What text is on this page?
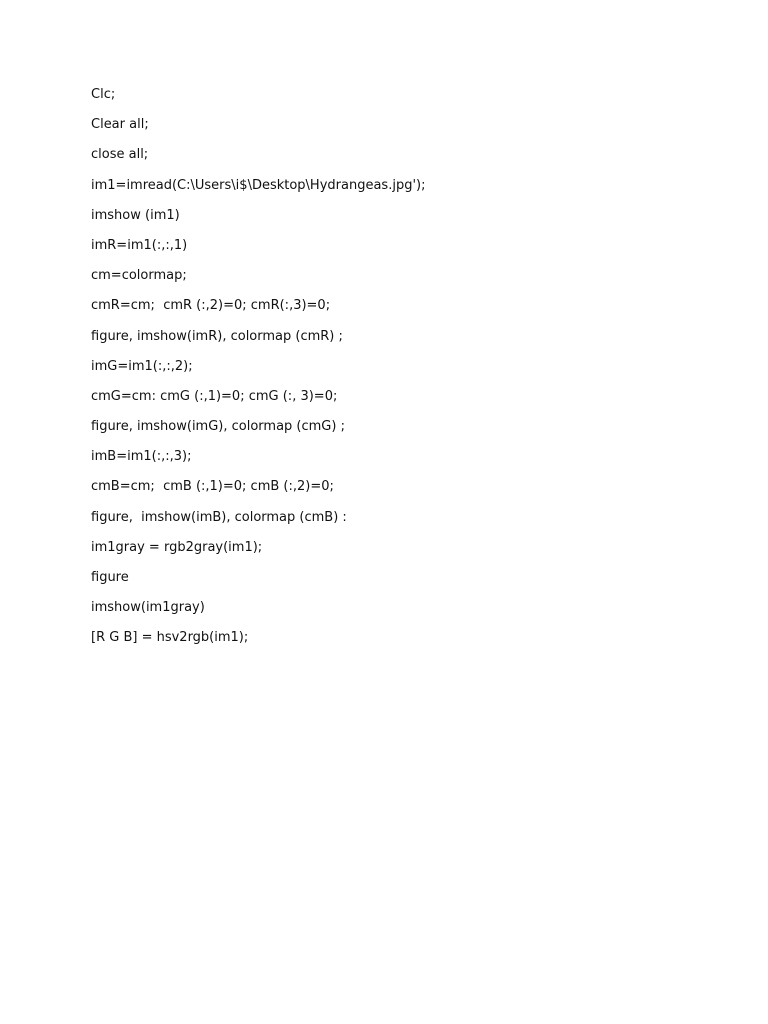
Clc;
Clear all;
close all;
im1=imread(C:\Users\i$\Desktop\Hydrangeas.jpg');
imshow (im1)
imR=im1(:,:,1)
cm=colormap;
cmR=cm;  cmR (:,2)=0; cmR(:,3)=0;
figure, imshow(imR), colormap (cmR) ;
imG=im1(:,:,2);
cmG=cm: cmG (:,1)=0; cmG (:, 3)=0;
figure, imshow(imG), colormap (cmG) ;
imB=im1(:,:,3);
cmB=cm;  cmB (:,1)=0; cmB (:,2)=0;
figure,  imshow(imB), colormap (cmB) :
im1gray = rgb2gray(im1);
figure
imshow(im1gray)
[R G B] = hsv2rgb(im1);
